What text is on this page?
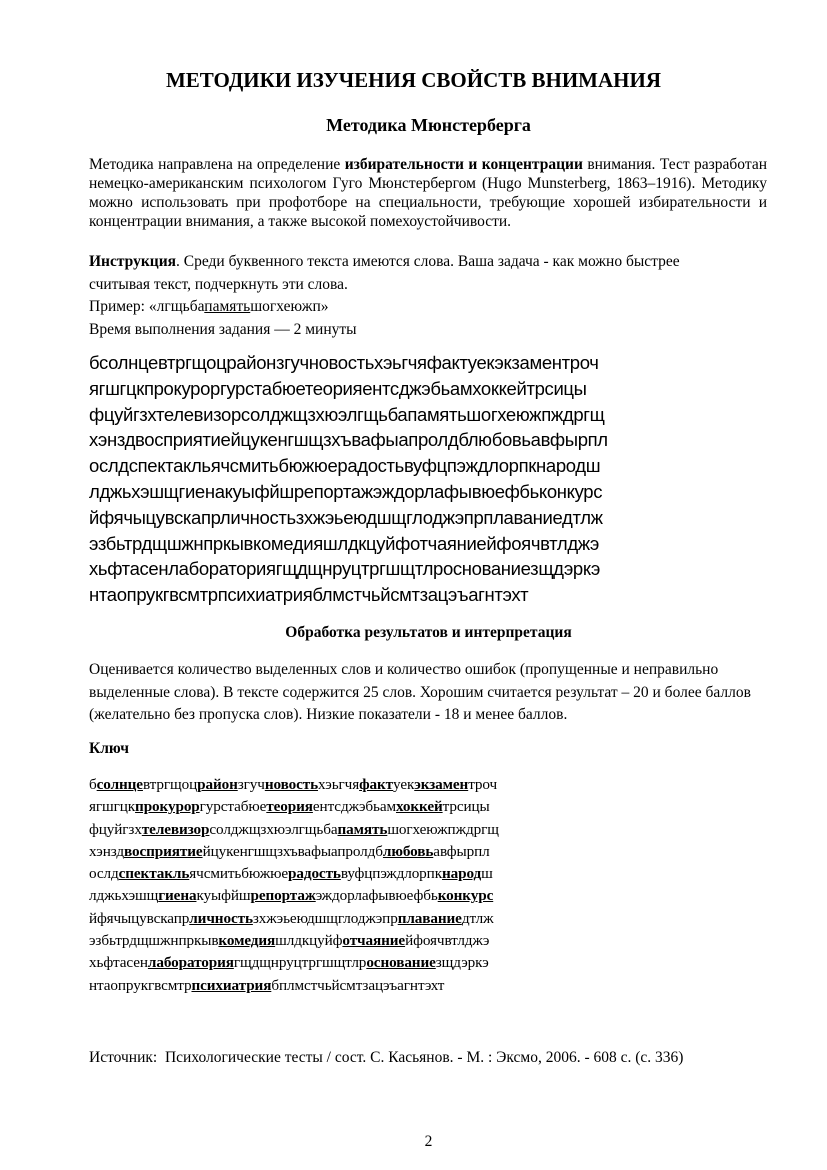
МЕТОДИКИ ИЗУЧЕНИЯ СВОЙСТВ ВНИМАНИЯ
Методика Мюнстерберга
Методика направлена на определение избирательности и концентрации внимания. Тест разработан немецко-американским психологом Гуго Мюнстербергом (Hugo Munsterberg, 1863–1916). Методику можно использовать при профотборе на специальности, требующие хорошей избирательности и концентрации внимания, а также высокой помехоустойчивости.
Инструкция. Среди буквенного текста имеются слова. Ваша задача - как можно быстрее
считывая текст, подчеркнуть эти слова.
Пример: «лгщьбапамятьшогхеюжп»
Время выполнения задания — 2 минуты
бсолнцевтргщоцрайонзгучновостьхэьгчяфактуекэкзаментроч
ягшгцкпрокуроргурстабюетеорияентсджэбьамхоккейтрсицы
фцуйгзхтелевизорсолджщзхюэлгщьбапамятьшогхеюжпждргщ
хэнздвосприятиейцукенгшщзхъвафыапролдблюбовьавфырпл
ослдспектакльячсмитьбюжюерадостьвуфцпэждлорпкнародш
лджьхэшщгиенакуыфйшрепортажэждорлафывюефбьконкурс
йфячыцувскапрличностьзхжэьеюдшщглоджэпрплаваниедтлж
эзбьтрдщшжнпркывкомедияшлдкцуйфотчаяниейфоячвтлджэ
хьфтасенлабораториягщдщнруцтргшщтлроснованиезщдэркэ
нтаопрукгвсмтрпсихиатрияблмстчьйсмтзацэъагнтэхт
Обработка результатов и интерпретация
Оценивается количество выделенных слов и количество ошибок (пропущенные и неправильно выделенные слова). В тексте содержится 25 слов. Хорошим считается результат – 20 и более баллов (желательно без пропуска слов). Низкие показатели - 18 и менее баллов.
Ключ
бсолнцевтргщоцрайонзгучновостьхэьгчяфактуекэкзаментроч
ягшгцкпрокуроргурстабюетеорияентсджэбьамхоккейтрсицы
фцуйгзхтелевизорсолджщзхюэлгщьбапамятьшогхеюжпждргщ
хэнздвосприятиейцукенгшщзхъвафыапролдблюбовьавфырпл
ослдспектакльячсмитьбюжюерадостьвуфцпэждлорпкнародш
лджьхэшщгиенакуыфйшрепортажэждорлафывюефбьконкурс
йфячыцувскапрличностьзхжэьеюдшщглоджэпрплаваниедтлж
эзбьтрдщшжнпркывкомедияшлдкцуйфотчаяниейфоячвтлджэ
хьфтасенлабораториягщдщнруцтргшщтлроснованиезщдэркэ
нтаопрукгвсмтрпсихиатриябплмстчьйсмтзацэъагнтэхт
Источник:  Психологические тесты / сост. С. Касьянов. - М. : Эксмо, 2006. - 608 с. (с. 336)
2
